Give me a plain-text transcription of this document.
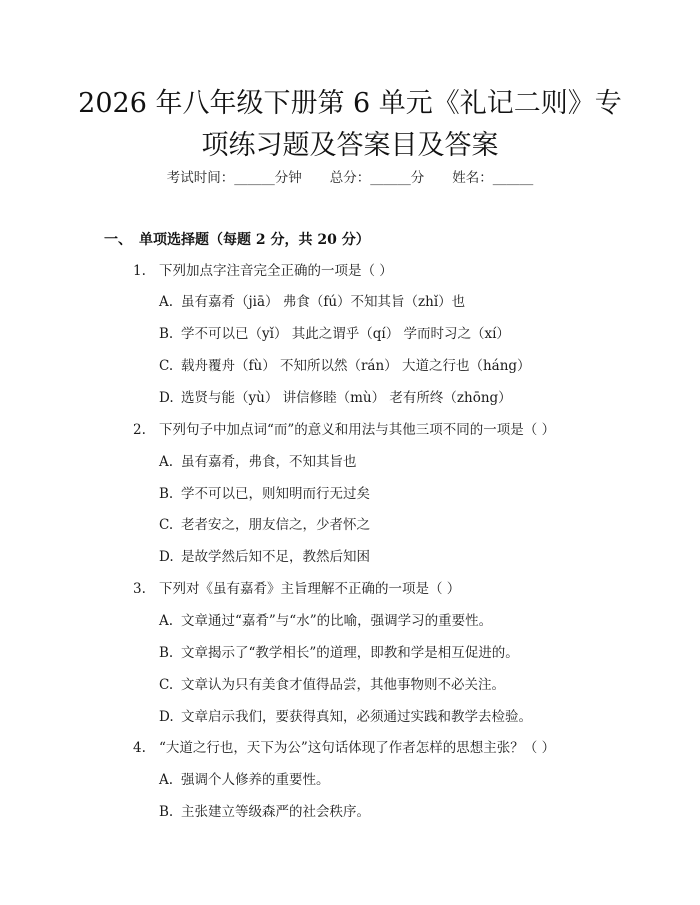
2026 年八年级下册第 6 单元《礼记二则》专
项练习题及答案目及答案
考试时间：______分钟 总分：______分 姓名：______
一、 单项选择题（每题 2 分，共 20 分）
1. 下列加点字注音完全正确的一项是（ ）
A. 虽有嘉肴（jiā） 弗食（fú）不知其旨（zhǐ）也
B. 学不可以已（yǐ） 其此之谓乎（qí） 学而时习之（xí）
C. 载舟覆舟（fù） 不知所以然（rán） 大道之行也（háng）
D. 选贤与能（yù） 讲信修睦（mù） 老有所终（zhōng）
2. 下列句子中加点词“而”的意义和用法与其他三项不同的一项是（ ）
A. 虽有嘉肴，弗食，不知其旨也
B. 学不可以已，则知明而行无过矣
C. 老者安之，朋友信之，少者怀之
D. 是故学然后知不足，教然后知困
3. 下列对《虽有嘉肴》主旨理解不正确的一项是（ ）
A. 文章通过“嘉肴”与“水”的比喻，强调学习的重要性。
B. 文章揭示了“教学相长”的道理，即教和学是相互促进的。
C. 文章认为只有美食才值得品尝，其他事物则不必关注。
D. 文章启示我们，要获得真知，必须通过实践和教学去检验。
4. “大道之行也，天下为公”这句话体现了作者怎样的思想主张？（ ）
A. 强调个人修养的重要性。
B. 主张建立等级森严的社会秩序。
